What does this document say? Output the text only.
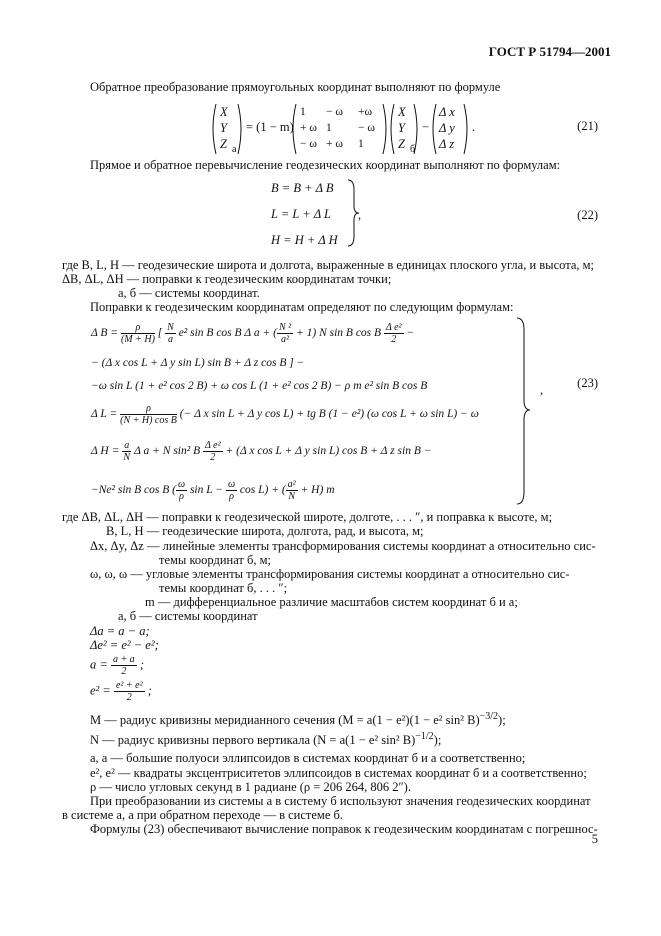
ГОСТ Р 51794—2001
Обратное преобразование прямоугольных координат выполняют по формуле
X
Y
Z a
= (1 − m)
1 − ω +ω
+ ω 1 − ω
− ω + ω 1
X
Y
Z б
−
Δ x
Δ y
Δ z
.	(21)
Прямое и обратное перевычисление геодезических координат выполняют по формулам:
B = B + Δ B
L = L + Δ L
H = H + Δ H
,	(22)
где B, L, H — геодезические широта и долгота, выраженные в единицах плоского угла, и высота, м;
ΔB, ΔL, ΔH — поправки к геодезическим координатам точки;
а, б — системы координат.
Поправки к геодезическим координатам определяют по следующим формулам:
Δ $B = \frac{\rho}{(M + H)}$ [ $\frac{N}{a} e^2$ sin B cos B Δ a + ( $\frac{\text{N ²}}{\text{a²}} + 1$) N sin B cos B $\frac{\text{Δ e²}}{2}$ −
− (Δ x cos L + Δ y sin L) sin B + Δ z cos B ] −
−ω sin L (1 + e² cos 2 B) + ω cos L (1 + e² cos 2 B) − ρ m e² sin B cos B
Δ $L = \frac{\rho}{\text{(N + H) cos B}}$ (− Δ x sin L + Δ y cos L) + tg B (1 − e²) (ω cos L + ω sin L) − ω
Δ $H = \frac{a}{N}$ Δ a + N sin² B $\frac{\text{Δ e²}}{2} + (\Delta$ x cos L + Δ y sin L) cos B + Δ z sin B −
−Ne² sin B cos B ( $\frac{\omega}{\rho}$ $\sin L - \frac{\omega}{\rho}$ cos L) + ( $\frac{\text{a²}}{N} + H$) m
,	(23)
где ΔB, ΔL, ΔH — поправки к геодезической широте, долготе, . . . ″, и поправка к высоте, м;
B, L, H — геодезические широта, долгота, рад, и высота, м;
Δx, Δy, Δz — линейные элементы трансформирования системы координат а относительно сис-
темы координат б, м;
ω, ω, ω — угловые элементы трансформирования системы координат а относительно сис-
темы координат б, . . . ″;
m — дифференциальное различие масштабов систем координат б и а;
а, б — системы координат
Δa = a − a;
Δe² = e² − e²;
$a = \frac{a + a}{2}$ ;
$e^2 = \frac{\text{e² + e²}}{2}$ ;
M — радиус кривизны меридианного сечения (M = a(1 − e²)(1 − e² sin² B)$^{-3/2}$);
N — радиус кривизны первого вертикала (N = a(1 − e² sin² B)$^{-1/2}$);
a, a — большие полуоси эллипсоидов в системах координат б и а соответственно;
e², e² — квадраты эксцентриситетов эллипсоидов в системах координат б и а соответственно;
ρ — число угловых секунд в 1 радиане (ρ = 206 264, 806 2″).
При преобразовании из системы а в систему б используют значения геодезических координат
в системе а, а при обратном переходе — в системе б.
Формулы (23) обеспечивают вычисление поправок к геодезическим координатам с погрешнос-
5
